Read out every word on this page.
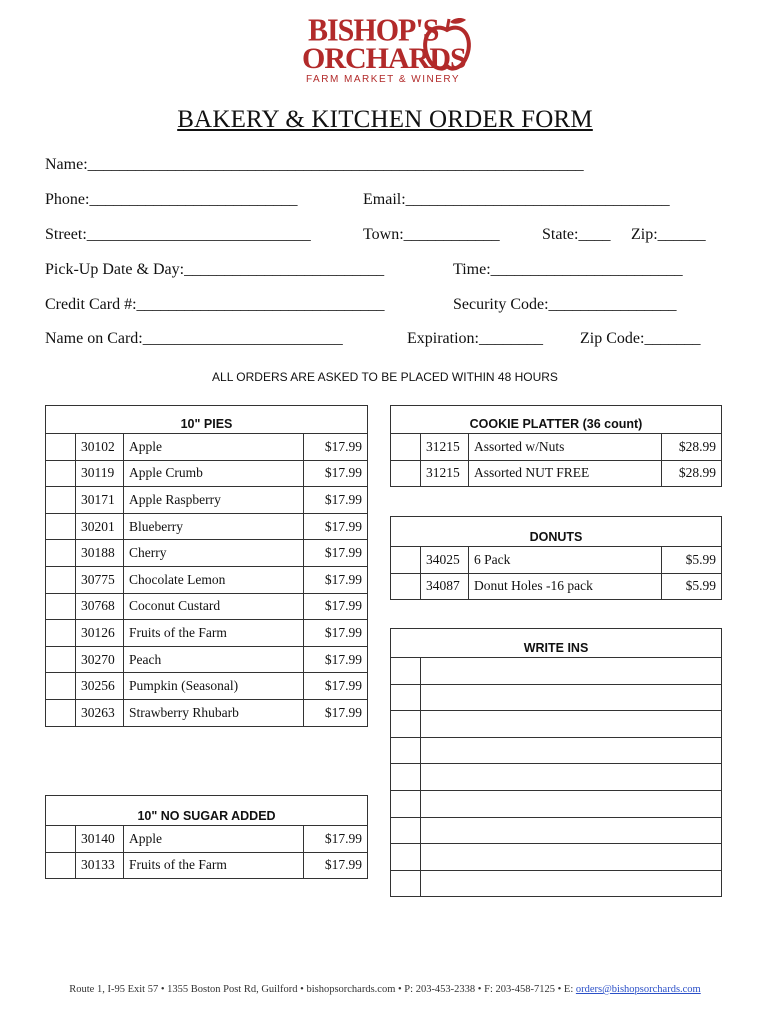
BISHOP'S
ORCHARDS
FARM MARKET & WINERY
BAKERY & KITCHEN ORDER FORM
Name:______________________________________________________________
Phone:__________________________	Email:_________________________________
Street:____________________________	Town:____________	State:____ Zip:______
Pick-Up Date & Day:_________________________	Time:________________________
Credit Card #:_______________________________	Security Code:________________
Name on Card:_________________________	Expiration:________ Zip Code:_______
ALL ORDERS ARE ASKED TO BE PLACED WITHIN 48 HOURS
10" PIES			
	30102	Apple	$17.99
	30119	Apple Crumb	$17.99
	30171	Apple Raspberry	$17.99
	30201	Blueberry	$17.99
	30188	Cherry	$17.99
	30775	Chocolate Lemon	$17.99
	30768	Coconut Custard	$17.99
	30126	Fruits of the Farm	$17.99
	30270	Peach	$17.99
	30256	Pumpkin (Seasonal)	$17.99
	30263	Strawberry Rhubarb	$17.99
10" NO SUGAR ADDED			
	30140	Apple	$17.99
	30133	Fruits of the Farm	$17.99
COOKIE PLATTER (36 count)			
	31215	Assorted w/Nuts	$28.99
	31215	Assorted NUT FREE	$28.99
DONUTS			
	34025	6 Pack	$5.99
	34087	Donut Holes -16 pack	$5.99
WRITE INS	

Route 1, I-95 Exit 57 • 1355 Boston Post Rd, Guilford • bishopsorchards.com • P: 203-453-2338 • F: 203-458-7125 • E: orders@bishopsorchards.com
